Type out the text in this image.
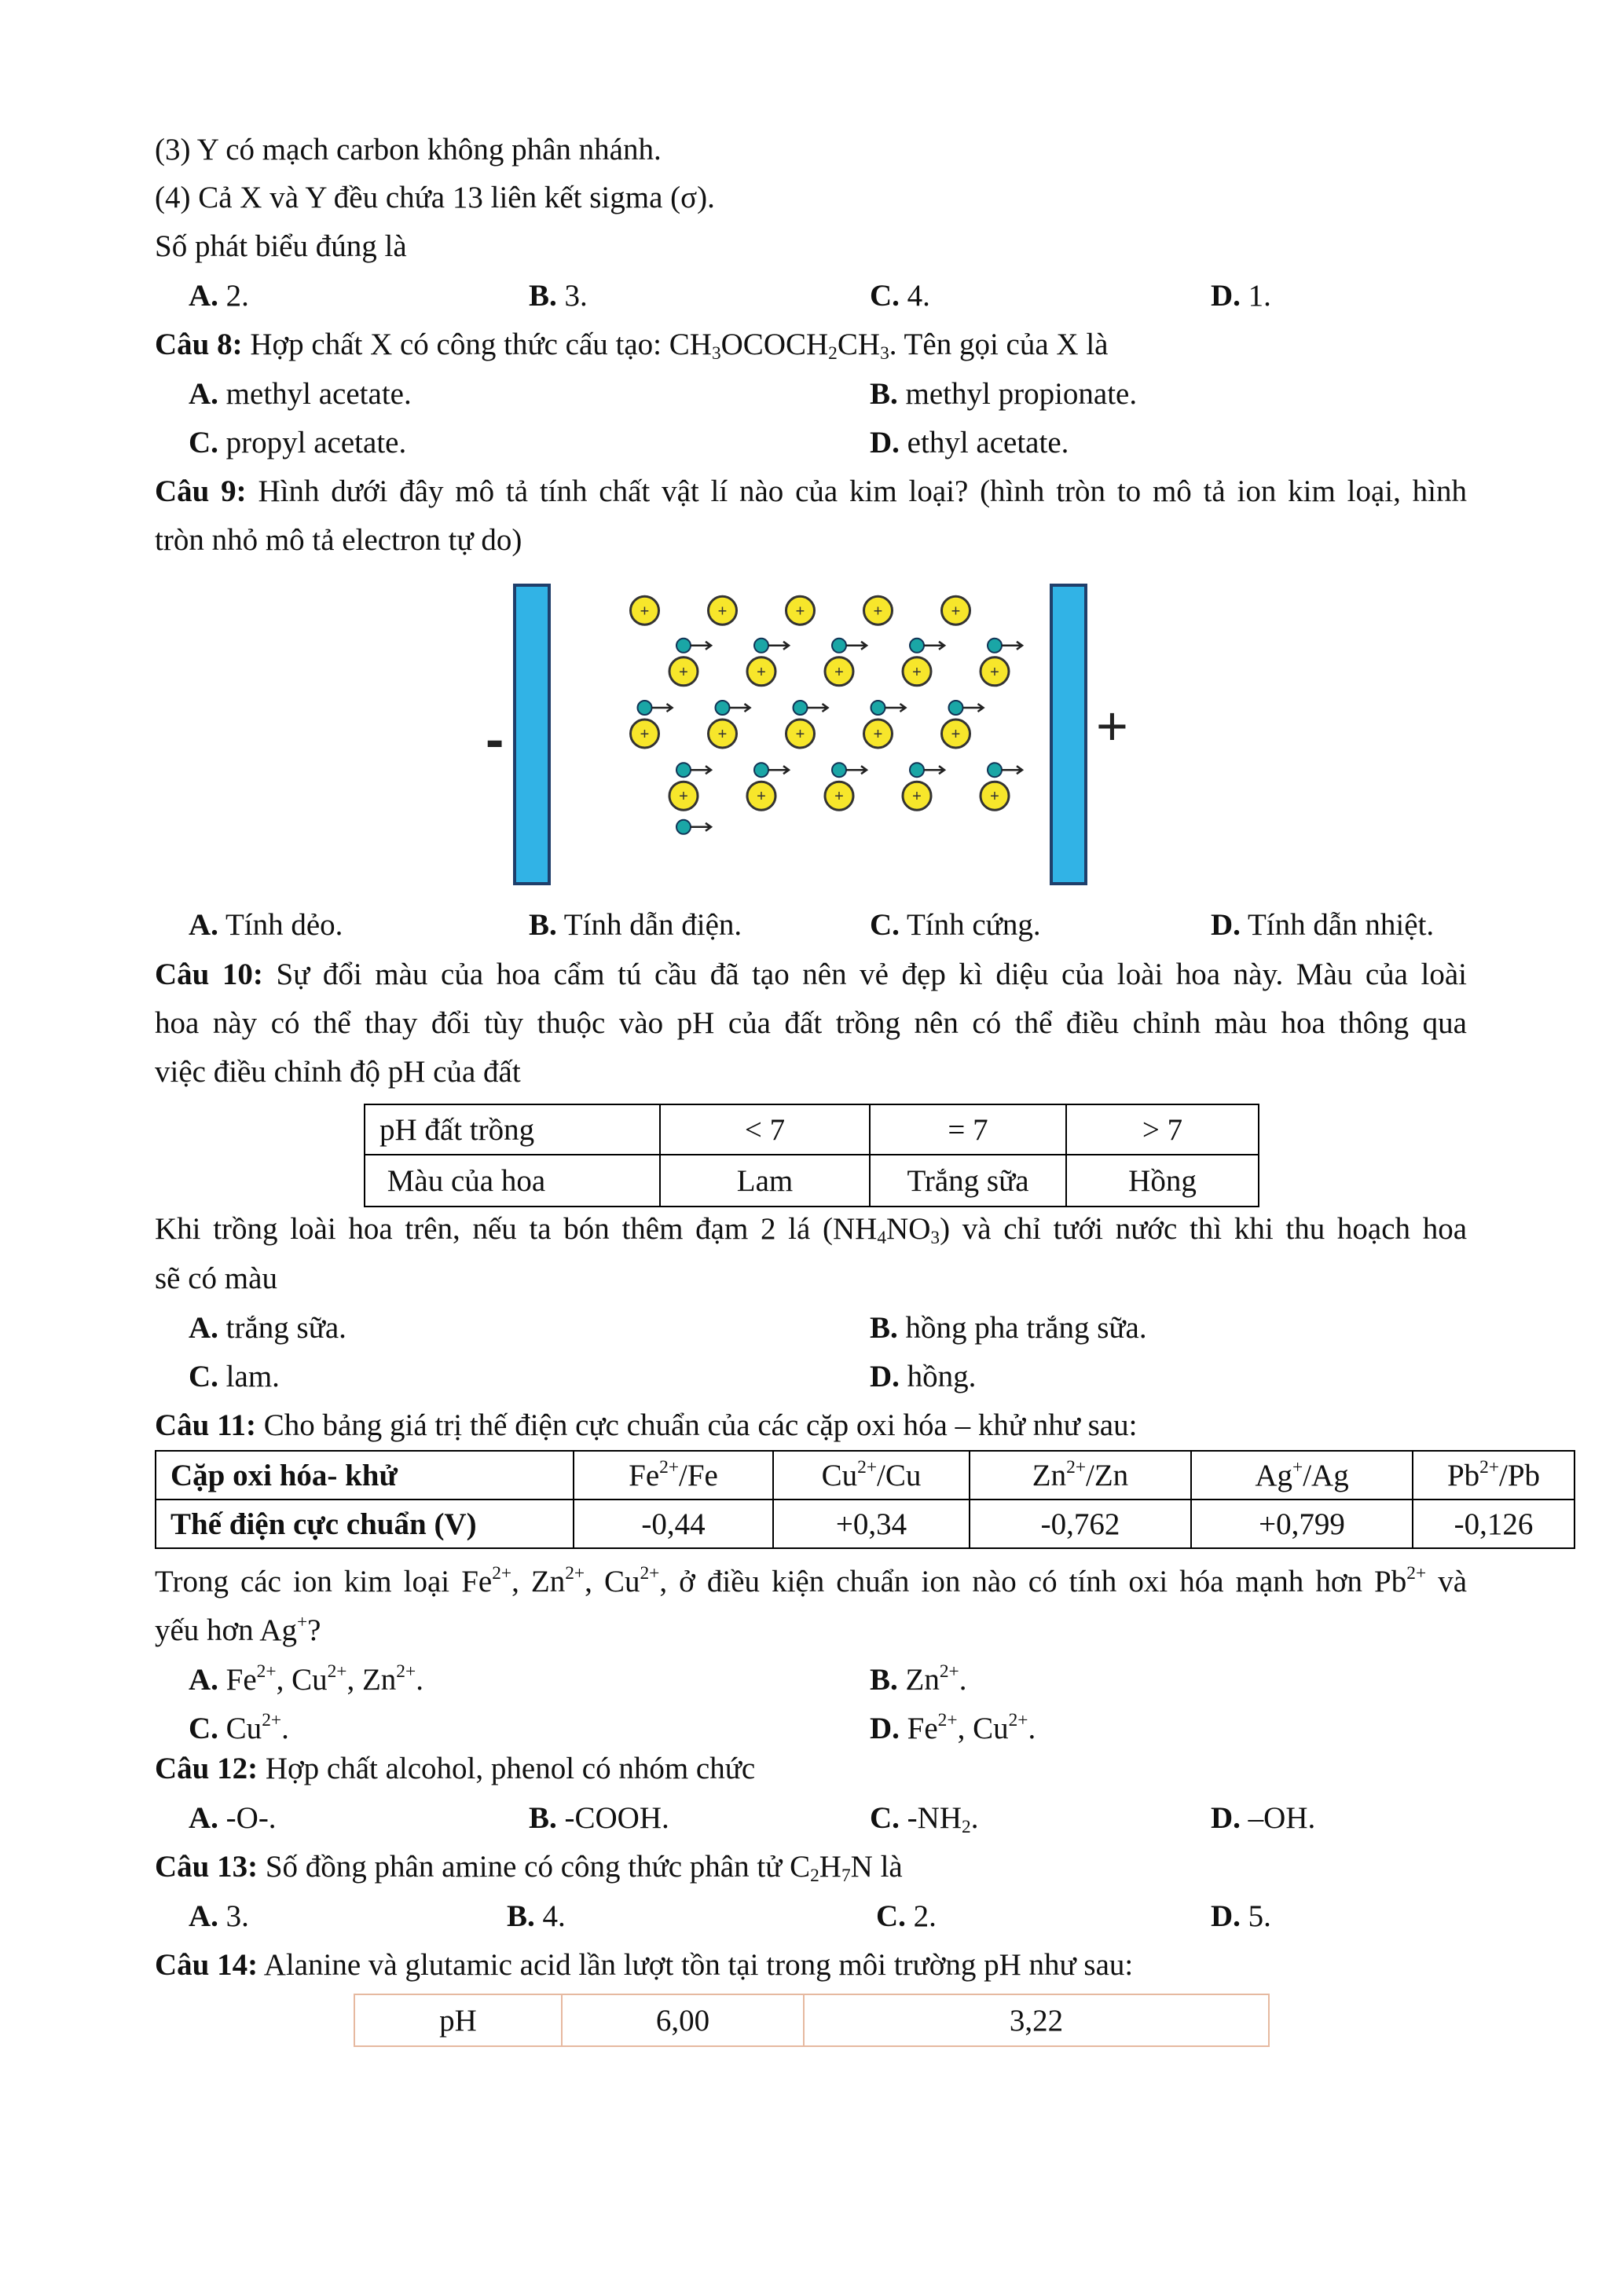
(3) Y có mạch carbon không phân nhánh.
(4) Cả X và Y đều chứa 13 liên kết sigma (σ).
Số phát biểu đúng là
A. 2.	B. 3.	C. 4.	D. 1.
Câu 8: Hợp chất X có công thức cấu tạo: $CH_3OCOCH_2CH_3$. Tên gọi của X là
A. methyl acetate.	B. methyl propionate.
C. propyl acetate.	D. ethyl acetate.
Câu 9: Hình dưới đây mô tả tính chất vật lí nào của kim loại? (hình tròn to mô tả ion kim loại, hình
tròn nhỏ mô tả electron tự do)
-	+
+	+	+	+	+
+	+	+	+	+
+	+	+	+	+
+	+	+	+	+
A. Tính dẻo.	B. Tính dẫn điện.	C. Tính cứng.	D. Tính dẫn nhiệt.
Câu 10: Sự đổi màu của hoa cẩm tú cầu đã tạo nên vẻ đẹp kì diệu của loài hoa này. Màu của loài
hoa này có thể thay đổi tùy thuộc vào pH của đất trồng nên có thể điều chỉnh màu hoa thông qua
việc điều chỉnh độ pH của đất
pH đất trồng	< 7	= 7	> 7
Màu của hoa	Lam	Trắng sữa	Hồng
Khi trồng loài hoa trên, nếu ta bón thêm đạm 2 lá $(NH_4NO_3)$ và chỉ tưới nước thì khi thu hoạch hoa
sẽ có màu
A. trắng sữa.	B. hồng pha trắng sữa.
C. lam.	D. hồng.
Câu 11: Cho bảng giá trị thế điện cực chuẩn của các cặp oxi hóa – khử như sau:
Cặp oxi hóa- khử	$Fe^{2+}/Fe$	$Cu^{2+}/Cu$	$Zn^{2+}/Zn$	Ag+/Ag	$Pb^{2+}/Pb$
Thế điện cực chuẩn (V)	-0,44	+0,34	-0,762	+0,799	-0,126
Trong các ion kim loại $Fe^{2+}$, $Zn^{2+}$, $Cu^{2+}$, ở điều kiện chuẩn ion nào có tính oxi hóa mạnh hơn $Pb^{2+}$ và
yếu hơn Ag+?
A. $Fe^{2+}$, $Cu^{2+}$, $Zn^{2+}$.	B. $Zn^{2+}$.
C. $Cu^{2+}$.	D. $Fe^{2+}$, $Cu^{2+}$.
Câu 12: Hợp chất alcohol, phenol có nhóm chức
A. -O-.	B. -COOH.	C. $-NH_2$.	D. –OH.
Câu 13: Số đồng phân amine có công thức phân tử $C_2H_7N$ là
A. 3.	B. 4.	C. 2.	D. 5.
Câu 14: Alanine và glutamic acid lần lượt tồn tại trong môi trường pH như sau:
pH	6,00	3,22
